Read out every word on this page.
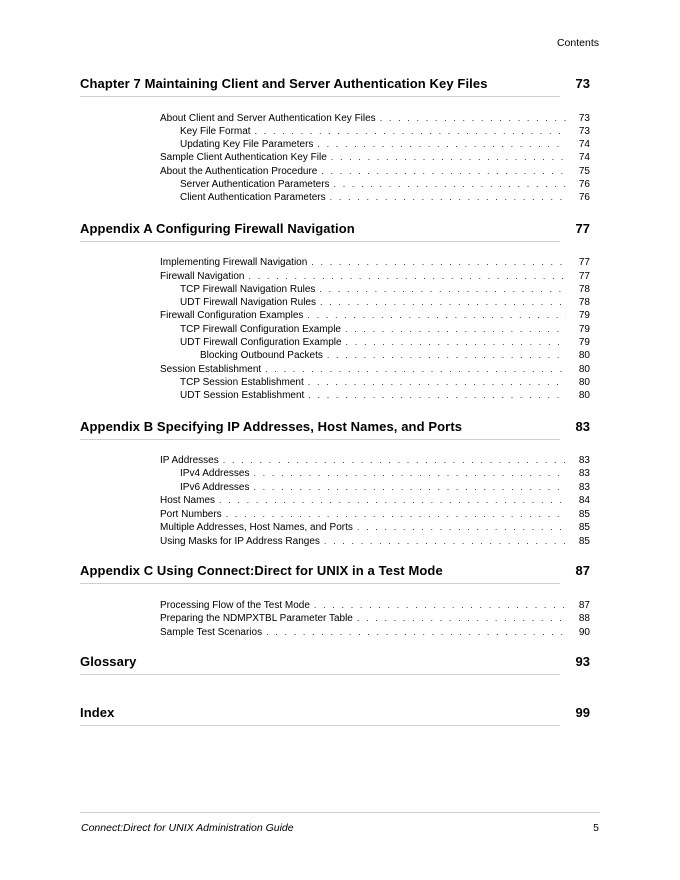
Contents
Chapter 7 Maintaining Client and Server Authentication Key Files	73
About Client and Server Authentication Key Files . . .	73
Key File Format . . .	73
Updating Key File Parameters . . .	74
Sample Client Authentication Key File . . .	74
About the Authentication Procedure . . .	75
Server Authentication Parameters . . .	76
Client Authentication Parameters . . .	76
Appendix A Configuring Firewall Navigation	77
Implementing Firewall Navigation . . .	77
Firewall Navigation . . .	77
TCP Firewall Navigation Rules . . .	78
UDT Firewall Navigation Rules . . .	78
Firewall Configuration Examples . . .	79
TCP Firewall Configuration Example . . .	79
UDT Firewall Configuration Example . . .	79
Blocking Outbound Packets . . .	80
Session Establishment . . .	80
TCP Session Establishment . . .	80
UDT Session Establishment . . .	80
Appendix B Specifying IP Addresses, Host Names, and Ports	83
IP Addresses . . .	83
IPv4 Addresses . . .	83
IPv6 Addresses . . .	83
Host Names . . .	84
Port Numbers . . .	85
Multiple Addresses, Host Names, and Ports . . .	85
Using Masks for IP Address Ranges . . .	85
Appendix C Using Connect:Direct for UNIX in a Test Mode	87
Processing Flow of the Test Mode . . .	87
Preparing the NDMPXTBL Parameter Table . . .	88
Sample Test Scenarios . . .	90
Glossary	93
Index	99
Connect:Direct for UNIX Administration Guide	5
